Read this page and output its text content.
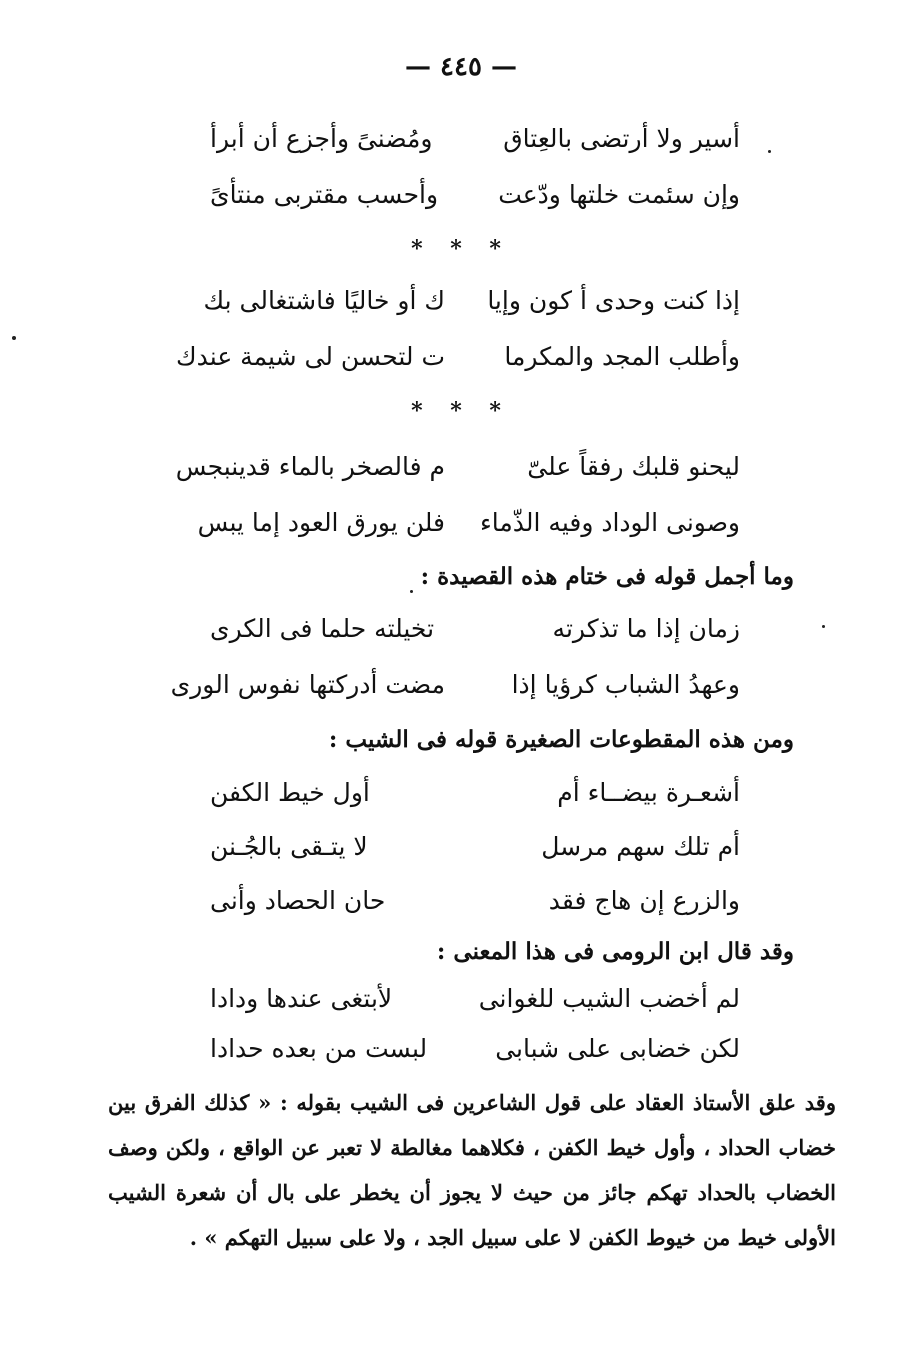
— ٤٤٥ —
أسير ولا أرتضى بالعِتاق
ومُضنىً وأجزع أن أبرأ
وإن سئمت خلتها ودّعت
وأحسب مقتربى منتأىً
* * *
إذا كنت وحدى أ كون وإيا
ك أو خاليًا فاشتغالى بك
وأطلب المجد والمكرما
ت لتحسن لى شيمة عندك
* * *
ليحنو قلبك رفقاً علىّ
م فالصخر بالماء قدينبجس
وصونى الوداد وفيه الذّماء
فلن يورق العود إما يبس
وما أجمل قوله فى ختام هذه القصيدة :
زمان إذا ما تذكرته
تخيلته حلما فى الكرى
وعهدُ الشباب كرؤيا إذا
مضت أدركتها نفوس الورى
ومن هذه المقطوعات الصغيرة قوله فى الشيب :
أشعـرة بيضــاء أم
أول خيط الكفن
أم تلك سهم مرسل
لا يتـقى بالجُـنن
والزرع إن هاج فقد
حان الحصاد وأنى
وقد قال ابن الرومى فى هذا المعنى :
لم أخضب الشيب للغوانى
لأبتغى عندها ودادا
لكن خضابى على شبابى
لبست من بعده حدادا
وقد علق الأستاذ العقاد على قول الشاعرين فى الشيب بقوله : « كذلك الفرق بين خضاب الحداد ، وأول خيط الكفن ، فكلاهما مغالطة لا تعبر عن الواقع ، ولكن وصف الخضاب بالحداد تهكم جائز من حيث لا يجوز أن يخطر على بال أن شعرة الشيب الأولى خيط من خيوط الكفن لا على سبيل الجد ، ولا على سبيل التهكم » .
